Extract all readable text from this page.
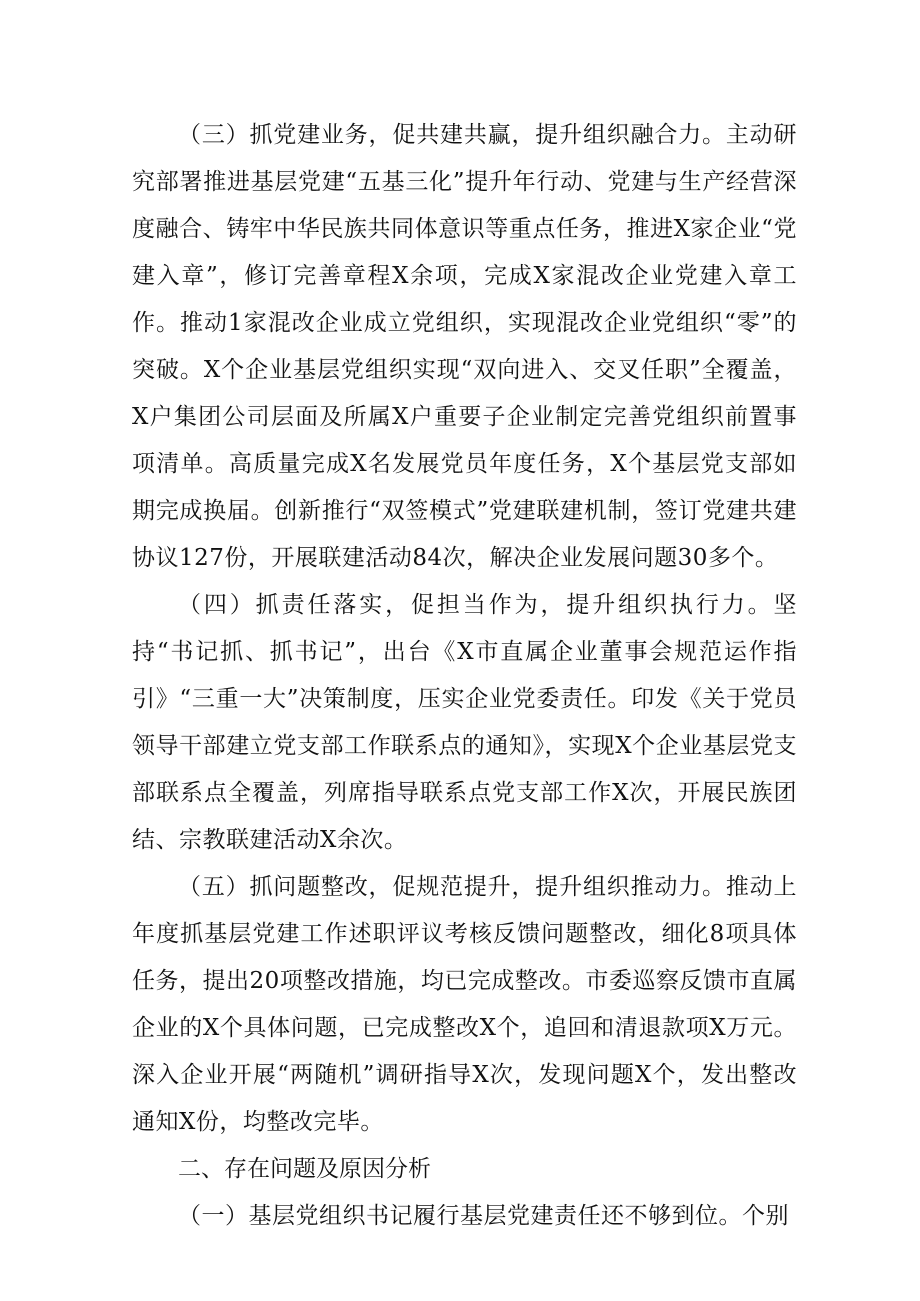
（三）抓党建业务，促共建共赢，提升组织融合力。主动研究部署推进基层党建“五基三化”提升年行动、党建与生产经营深度融合、铸牢中华民族共同体意识等重点任务，推进X家企业“党建入章”，修订完善章程X余项，完成X家混改企业党建入章工作。推动1家混改企业成立党组织，实现混改企业党组织“零”的突破。X个企业基层党组织实现“双向进入、交叉任职”全覆盖，X户集团公司层面及所属X户重要子企业制定完善党组织前置事项清单。高质量完成X名发展党员年度任务，X个基层党支部如期完成换届。创新推行“双签模式”党建联建机制，签订党建共建协议127份，开展联建活动84次，解决企业发展问题30多个。

（四）抓责任落实，促担当作为，提升组织执行力。坚持“书记抓、抓书记”，出台《X市直属企业董事会规范运作指引》“三重一大”决策制度，压实企业党委责任。印发《关于党员领导干部建立党支部工作联系点的通知》，实现X个企业基层党支部联系点全覆盖，列席指导联系点党支部工作X次，开展民族团结、宗教联建活动X余次。

（五）抓问题整改，促规范提升，提升组织推动力。推动上年度抓基层党建工作述职评议考核反馈问题整改，细化8项具体任务，提出20项整改措施，均已完成整改。市委巡察反馈市直属企业的X个具体问题，已完成整改X个，追回和清退款项X万元。深入企业开展“两随机”调研指导X次，发现问题X个，发出整改通知X份，均整改完毕。

二、存在问题及原因分析

（一）基层党组织书记履行基层党建责任还不够到位。个别
